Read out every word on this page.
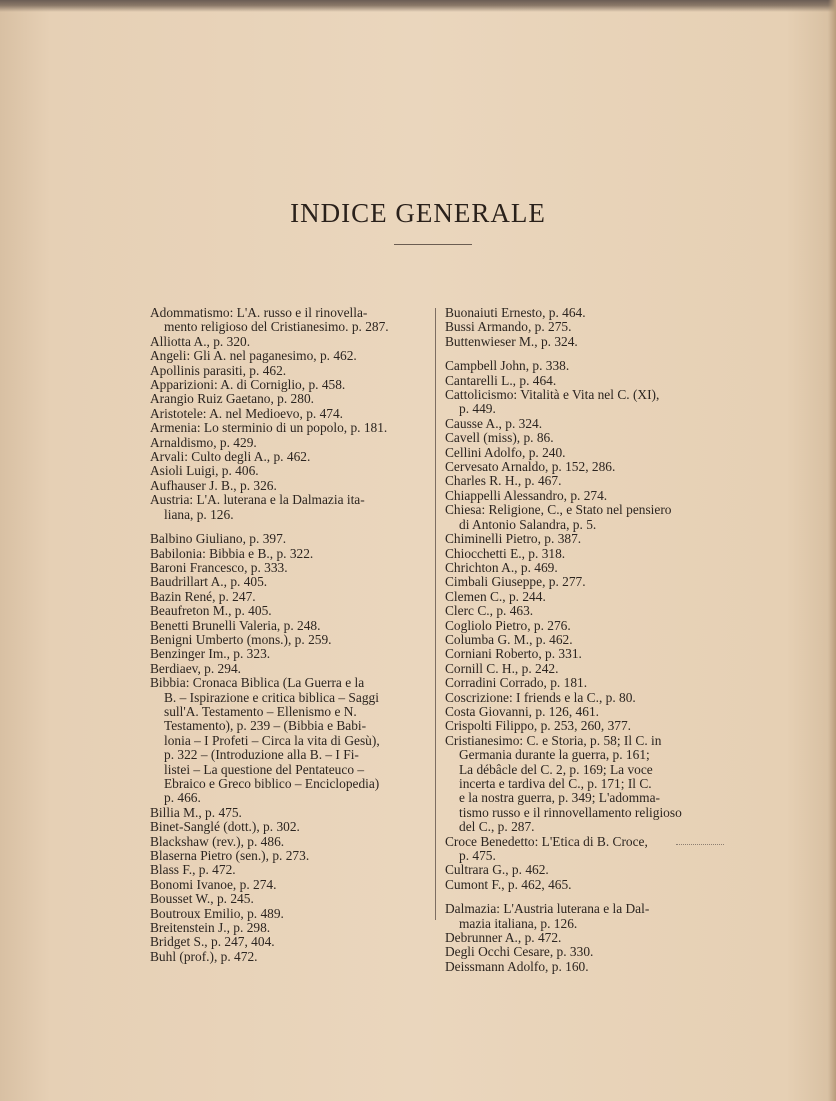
INDICE GENERALE
Adommatismo: L'A. russo e il rinovella-
mento religioso del Cristianesimo. p. 287.
Alliotta A., p. 320.
Angeli: Gli A. nel paganesimo, p. 462.
Apollinis parasiti, p. 462.
Apparizioni: A. di Corniglio, p. 458.
Arangio Ruiz Gaetano, p. 280.
Aristotele: A. nel Medioevo, p. 474.
Armenia: Lo sterminio di un popolo, p. 181.
Arnaldismo, p. 429.
Arvali: Culto degli A., p. 462.
Asioli Luigi, p. 406.
Aufhauser J. B., p. 326.
Austria: L'A. luterana e la Dalmazia ita-
liana, p. 126.
Balbino Giuliano, p. 397.
Babilonia: Bibbia e B., p. 322.
Baroni Francesco, p. 333.
Baudrillart A., p. 405.
Bazin René, p. 247.
Beaufreton M., p. 405.
Benetti Brunelli Valeria, p. 248.
Benigni Umberto (mons.), p. 259.
Benzinger Im., p. 323.
Berdiaev, p. 294.
Bibbia: Cronaca Biblica (La Guerra e la
B. – Ispirazione e critica biblica – Saggi
sull'A. Testamento – Ellenismo e N.
Testamento), p. 239 – (Bibbia e Babi-
lonia – I Profeti – Circa la vita di Gesù),
p. 322 – (Introduzione alla B. – I Fi-
listei – La questione del Pentateuco –
Ebraico e Greco biblico – Enciclopedia)
p. 466.
Billia M., p. 475.
Binet-Sanglé (dott.), p. 302.
Blackshaw (rev.), p. 486.
Blaserna Pietro (sen.), p. 273.
Blass F., p. 472.
Bonomi Ivanoe, p. 274.
Bousset W., p. 245.
Boutroux Emilio, p. 489.
Breitenstein J., p. 298.
Bridget S., p. 247, 404.
Buhl (prof.), p. 472.
Buonaiuti Ernesto, p. 464.
Bussi Armando, p. 275.
Buttenwieser M., p. 324.
Campbell John, p. 338.
Cantarelli L., p. 464.
Cattolicismo: Vitalità e Vita nel C. (XI),
p. 449.
Causse A., p. 324.
Cavell (miss), p. 86.
Cellini Adolfo, p. 240.
Cervesato Arnaldo, p. 152, 286.
Charles R. H., p. 467.
Chiappelli Alessandro, p. 274.
Chiesa: Religione, C., e Stato nel pensiero
di Antonio Salandra, p. 5.
Chiminelli Pietro, p. 387.
Chiocchetti E., p. 318.
Chrichton A., p. 469.
Cimbali Giuseppe, p. 277.
Clemen C., p. 244.
Clerc C., p. 463.
Cogliolo Pietro, p. 276.
Columba G. M., p. 462.
Corniani Roberto, p. 331.
Cornill C. H., p. 242.
Corradini Corrado, p. 181.
Coscrizione: I friends e la C., p. 80.
Costa Giovanni, p. 126, 461.
Crispolti Filippo, p. 253, 260, 377.
Cristianesimo: C. e Storia, p. 58; Il C. in
Germania durante la guerra, p. 161;
La débâcle del C. 2, p. 169; La voce
incerta e tardiva del C., p. 171; Il C.
e la nostra guerra, p. 349; L'adomma-
tismo russo e il rinnovellamento religioso
del C., p. 287.
Croce Benedetto: L'Etica di B. Croce,
p. 475.
Cultrara G., p. 462.
Cumont F., p. 462, 465.
Dalmazia: L'Austria luterana e la Dal-
mazia italiana, p. 126.
Debrunner A., p. 472.
Degli Occhi Cesare, p. 330.
Deissmann Adolfo, p. 160.
